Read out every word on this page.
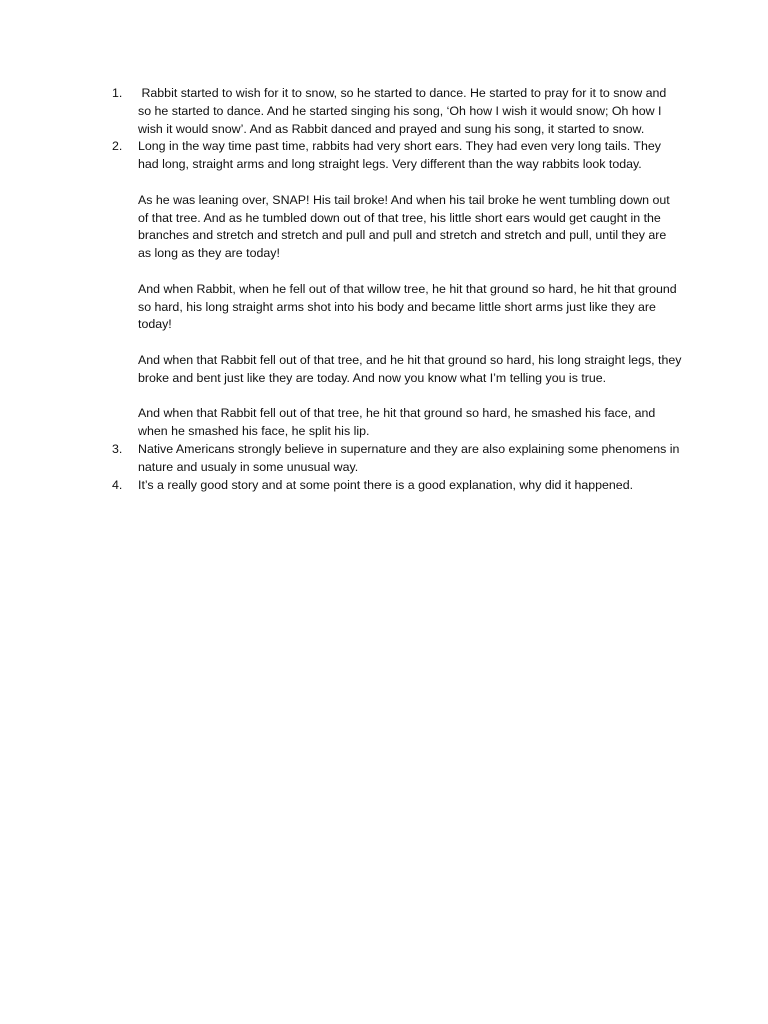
1.	Rabbit started to wish for it to snow, so he started to dance. He started to pray for it to snow and so he started to dance. And he started singing his song, ‘Oh how I wish it would snow; Oh how I wish it would snow’. And as Rabbit danced and prayed and sung his song, it started to snow.

2.	Long in the way time past time, rabbits had very short ears. They had even very long tails. They had long, straight arms and long straight legs. Very different than the way rabbits look today.

As he was leaning over, SNAP! His tail broke! And when his tail broke he went tumbling down out of that tree. And as he tumbled down out of that tree, his little short ears would get caught in the branches and stretch and stretch and pull and pull and stretch and stretch and pull, until they are as long as they are today!

And when Rabbit, when he fell out of that willow tree, he hit that ground so hard, he hit that ground so hard, his long straight arms shot into his body and became little short arms just like they are today!

And when that Rabbit fell out of that tree, and he hit that ground so hard, his long straight legs, they broke and bent just like they are today. And now you know what I’m telling you is true.

And when that Rabbit fell out of that tree, he hit that ground so hard, he smashed his face, and when he smashed his face, he split his lip.

3.	Native Americans strongly believe in supernature and they are also explaining some phenomens in nature and usualy in some unusual way.

4.	It’s a really good story and at some point there is a good explanation, why did it happened.
